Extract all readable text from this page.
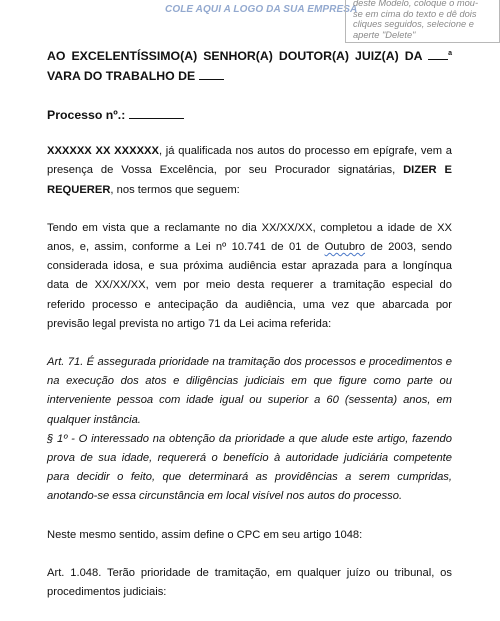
COLE AQUI A LOGO DA SUA EMPRESA
deste Modelo, coloque o mou-
se em cima do texto e dê dois
cliques seguidos, selecione e
aperte "Delete"
AO EXCELENTÍSSIMO(A) SENHOR(A) DOUTOR(A) JUIZ(A) DA	$^a$ VARA DO TRABALHO DE
Processo nº.:

XXXXXX XX XXXXXX, já qualificada nos autos do processo em epígrafe, vem a presença de Vossa Excelência, por seu Procurador signatárias, DIZER E REQUERER, nos termos que seguem:

Tendo em vista que a reclamante no dia XX/XX/XX, completou a idade de XX anos, e, assim, conforme a Lei nº 10.741 de 01 de Outubro de 2003, sendo considerada idosa, e sua próxima audiência estar aprazada para a longínqua data de XX/XX/XX, vem por meio desta requerer a tramitação especial do referido processo e antecipação da audiência, uma vez que abarcada por previsão legal prevista no artigo 71 da Lei acima referida:

Art. 71. É assegurada prioridade na tramitação dos processos e procedimentos e na execução dos atos e diligências judiciais em que figure como parte ou interveniente pessoa com idade igual ou superior a 60 (sessenta) anos, em qualquer instância.

§ 1º - O interessado na obtenção da prioridade a que alude este artigo, fazendo prova de sua idade, requererá o benefício à autoridade judiciária competente para decidir o feito, que determinará as providências a serem cumpridas, anotando-se essa circunstância em local visível nos autos do processo.

Neste mesmo sentido, assim define o CPC em seu artigo 1048:

Art. 1.048. Terão prioridade de tramitação, em qualquer juízo ou tribunal, os procedimentos judiciais:
